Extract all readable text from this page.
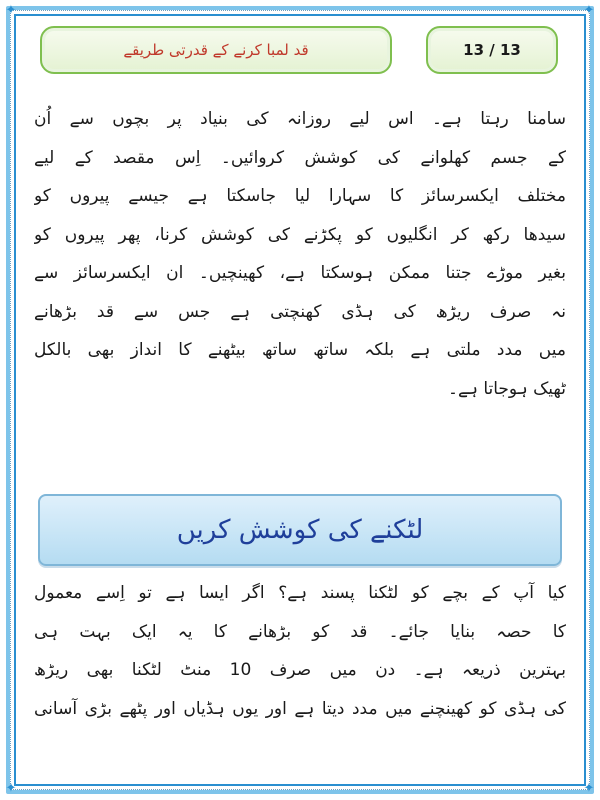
✦	✦
✦	✦
قد لمبا کرنے کے قدرتی طریقے	13 / 13
سامنا رہتا ہے۔ اس لیے روزانہ کی بنیاد پر بچوں سے اُن
کے جسم کھلوانے کی کوشش کروائیں۔ اِس مقصد کے لیے
مختلف ایکسرسائز کا سہارا لیا جاسکتا ہے جیسے پیروں کو
سیدھا رکھ کر انگلیوں کو پکڑنے کی کوشش کرنا، پھر پیروں کو
بغیر موڑے جتنا ممکن ہوسکتا ہے، کھینچیں۔ ان ایکسرسائز سے
نہ صرف ریڑھ کی ہڈی کھنچتی ہے جس سے قد بڑھانے
میں مدد ملتی ہے بلکہ ساتھ ساتھ بیٹھنے کا انداز بھی بالکل
ٹھیک ہوجاتا ہے۔
لٹکنے کی کوشش کریں
کیا آپ کے بچے کو لٹکنا پسند ہے؟ اگر ایسا ہے تو اِسے معمول
کا حصہ بنایا جائے۔ قد کو بڑھانے کا یہ ایک بہت ہی
بہترین ذریعہ ہے۔ دن میں صرف 10 منٹ لٹکنا بھی ریڑھ
کی ہڈی کو کھینچنے میں مدد دیتا ہے اور یوں ہڈیاں اور پٹھے بڑی آسانی
